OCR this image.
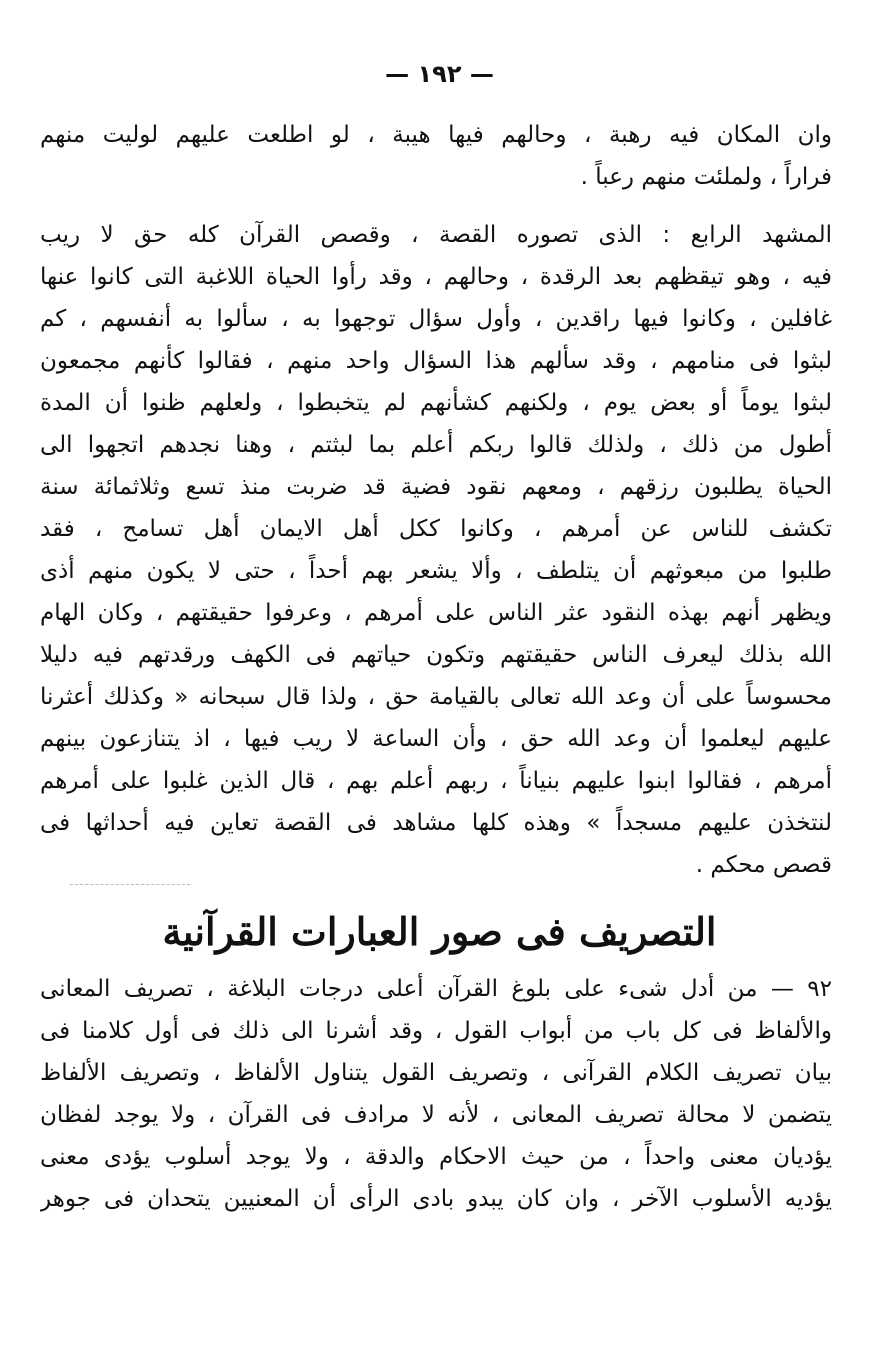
— ١٩٢ —
وان المكان فيه رهبة ، وحالهم فيها هيبة ، لو اطلعت عليهم لوليت منهم
فراراً ، ولملئت منهم رعباً .
المشهد الرابع : الذى تصوره القصة ، وقصص القرآن كله حق لا ريب
فيه ، وهو تيقظهم بعد الرقدة ، وحالهم ، وقد رأوا الحياة اللاغبة التى كانوا عنها
غافلين ، وكانوا فيها راقدين ، وأول سؤال توجهوا به ، سألوا به أنفسهم ، كم
لبثوا فى منامهم ، وقد سألهم هذا السؤال واحد منهم ، فقالوا كأنهم مجمعون
لبثوا يوماً أو بعض يوم ، ولكنهم كشأنهم لم يتخبطوا ، ولعلهم ظنوا أن المدة
أطول من ذلك ، ولذلك قالوا ربكم أعلم بما لبثتم ، وهنا نجدهم اتجهوا الى
الحياة يطلبون رزقهم ، ومعهم نقود فضية قد ضربت منذ تسع وثلاثمائة سنة
تكشف للناس عن أمرهم ، وكانوا ككل أهل الايمان أهل تسامح ، فقد
طلبوا من مبعوثهم أن يتلطف ، وألا يشعر بهم أحداً ، حتى لا يكون منهم أذى
ويظهر أنهم بهذه النقود عثر الناس على أمرهم ، وعرفوا حقيقتهم ، وكان الهام
الله بذلك ليعرف الناس حقيقتهم وتكون حياتهم فى الكهف ورقدتهم فيه دليلا
محسوساً على أن وعد الله تعالى بالقيامة حق ، ولذا قال سبحانه « وكذلك أعثرنا
عليهم ليعلموا أن وعد الله حق ، وأن الساعة لا ريب فيها ، اذ يتنازعون بينهم
أمرهم ، فقالوا ابنوا عليهم بنياناً ، ربهم أعلم بهم ، قال الذين غلبوا على أمرهم
لنتخذن عليهم مسجداً » وهذه كلها مشاهد فى القصة تعاين فيه أحداثها فى
قصص محكم .
التصريف فى صور العبارات القرآنية
٩٢ — من أدل شىء على بلوغ القرآن أعلى درجات البلاغة ، تصريف المعانى
والألفاظ فى كل باب من أبواب القول ، وقد أشرنا الى ذلك فى أول كلامنا فى
بيان تصريف الكلام القرآنى ، وتصريف القول يتناول الألفاظ ، وتصريف الألفاظ
يتضمن لا محالة تصريف المعانى ، لأنه لا مرادف فى القرآن ، ولا يوجد لفظان
يؤديان معنى واحداً ، من حيث الاحكام والدقة ، ولا يوجد أسلوب يؤدى معنى
يؤديه الأسلوب الآخر ، وان كان يبدو بادى الرأى أن المعنيين يتحدان فى جوهر
